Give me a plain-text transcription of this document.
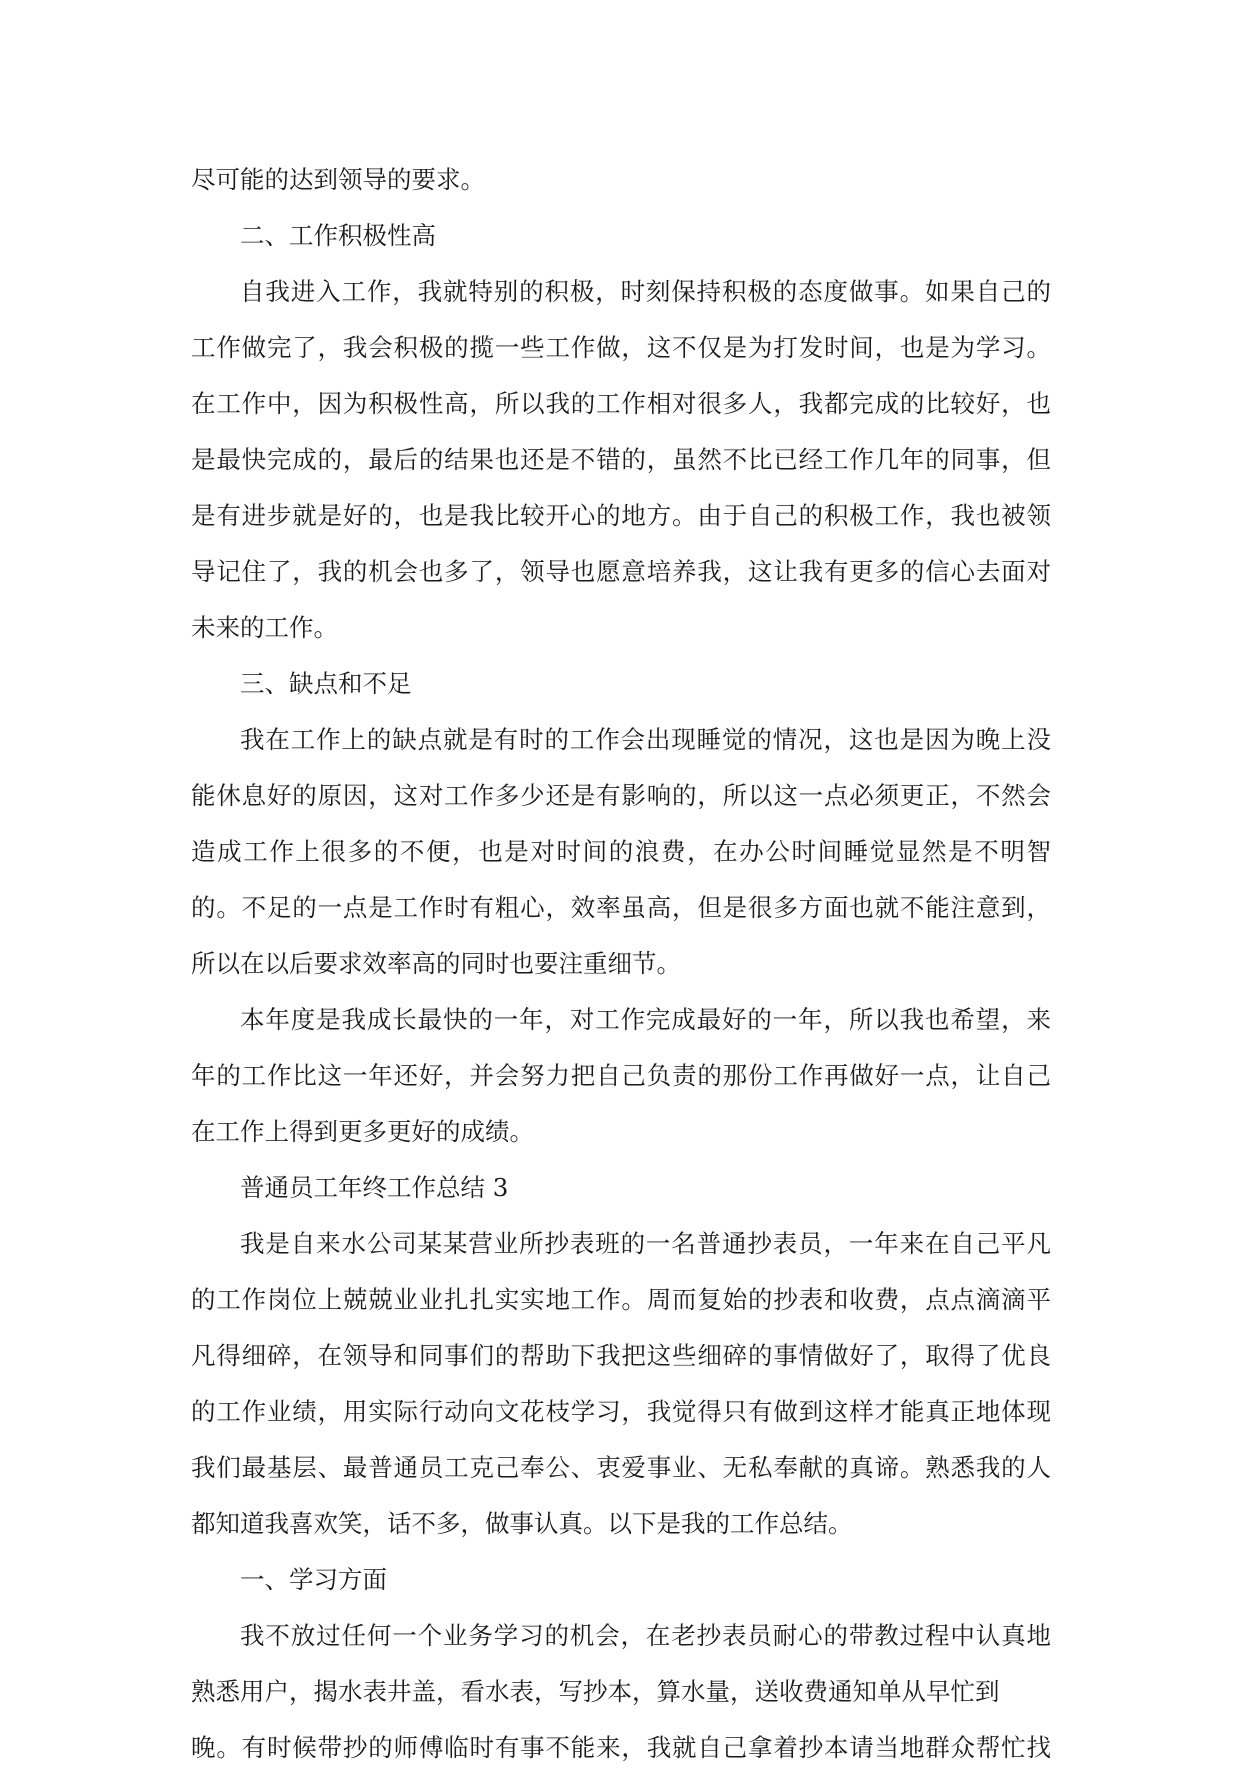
尽可能的达到领导的要求。
二、工作积极性高
自我进入工作，我就特别的积极，时刻保持积极的态度做事。如果自己的
工作做完了，我会积极的揽一些工作做，这不仅是为打发时间，也是为学习。
在工作中，因为积极性高，所以我的工作相对很多人，我都完成的比较好，也
是最快完成的，最后的结果也还是不错的，虽然不比已经工作几年的同事，但
是有进步就是好的，也是我比较开心的地方。由于自己的积极工作，我也被领
导记住了，我的机会也多了，领导也愿意培养我，这让我有更多的信心去面对
未来的工作。
三、缺点和不足
我在工作上的缺点就是有时的工作会出现睡觉的情况，这也是因为晚上没
能休息好的原因，这对工作多少还是有影响的，所以这一点必须更正，不然会
造成工作上很多的不便，也是对时间的浪费，在办公时间睡觉显然是不明智
的。不足的一点是工作时有粗心，效率虽高，但是很多方面也就不能注意到，
所以在以后要求效率高的同时也要注重细节。
本年度是我成长最快的一年，对工作完成最好的一年，所以我也希望，来
年的工作比这一年还好，并会努力把自己负责的那份工作再做好一点，让自己
在工作上得到更多更好的成绩。
普通员工年终工作总结 3
我是自来水公司某某营业所抄表班的一名普通抄表员，一年来在自己平凡
的工作岗位上兢兢业业扎扎实实地工作。周而复始的抄表和收费，点点滴滴平
凡得细碎，在领导和同事们的帮助下我把这些细碎的事情做好了，取得了优良
的工作业绩，用实际行动向文花枝学习，我觉得只有做到这样才能真正地体现
我们最基层、最普通员工克己奉公、衷爱事业、无私奉献的真谛。熟悉我的人
都知道我喜欢笑，话不多，做事认真。以下是我的工作总结。
一、学习方面
我不放过任何一个业务学习的机会，在老抄表员耐心的带教过程中认真地
熟悉用户，揭水表井盖，看水表，写抄本，算水量，送收费通知单从早忙到
晚。有时候带抄的师傅临时有事不能来，我就自己拿着抄本请当地群众帮忙找
